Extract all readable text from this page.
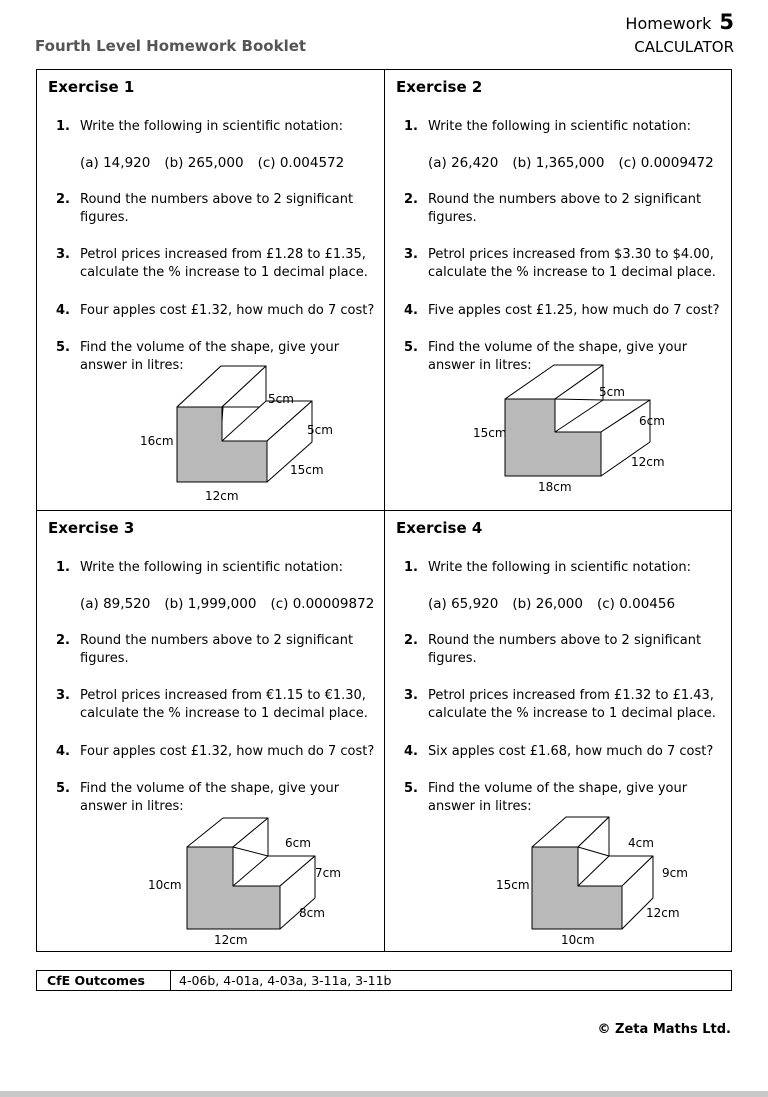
Fourth Level Homework Booklet
Homework 5
CALCULATOR
Exercise 1
1. Write the following in scientific notation:
(a) 14,920 (b) 265,000 (c) 0.004572
2. Round the numbers above to 2 significant figures.
3. Petrol prices increased from £1.28 to £1.35, calculate the % increase to 1 decimal place.
4. Four apples cost £1.32, how much do 7 cost?
5. Find the volume of the shape, give your answer in litres:
5cm
5cm
15cm
16cm
12cm
Exercise 2
1. Write the following in scientific notation:
(a) 26,420 (b) 1,365,000 (c) 0.0009472
2. Round the numbers above to 2 significant figures.
3. Petrol prices increased from $3.30 to $4.00, calculate the % increase to 1 decimal place.
4. Five apples cost £1.25, how much do 7 cost?
5. Find the volume of the shape, give your answer in litres:
5cm
6cm
12cm
15cm
18cm
Exercise 3
1. Write the following in scientific notation:
(a) 89,520 (b) 1,999,000 (c) 0.00009872
2. Round the numbers above to 2 significant figures.
3. Petrol prices increased from €1.15 to €1.30, calculate the % increase to 1 decimal place.
4. Four apples cost £1.32, how much do 7 cost?
5. Find the volume of the shape, give your answer in litres:
6cm
7cm
8cm
10cm
12cm
Exercise 4
1. Write the following in scientific notation:
(a) 65,920 (b) 26,000 (c) 0.00456
2. Round the numbers above to 2 significant figures.
3. Petrol prices increased from £1.32 to £1.43, calculate the % increase to 1 decimal place.
4. Six apples cost £1.68, how much do 7 cost?
5. Find the volume of the shape, give your answer in litres:
4cm
9cm
12cm
15cm
10cm
CfE Outcomes	4-06b, 4-01a, 4-03a, 3-11a, 3-11b
© Zeta Maths Ltd.
